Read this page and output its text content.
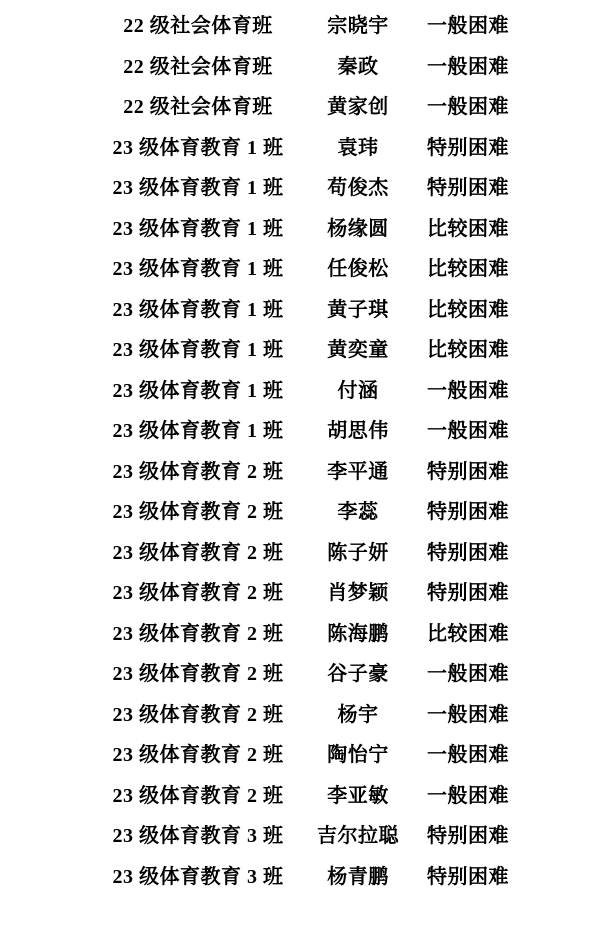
22 级社会体育班	宗晓宇	一般困难
22 级社会体育班	秦政	一般困难
22 级社会体育班	黄家创	一般困难
23 级体育教育 1 班	袁玮	特别困难
23 级体育教育 1 班	苟俊杰	特别困难
23 级体育教育 1 班	杨缘圆	比较困难
23 级体育教育 1 班	任俊松	比较困难
23 级体育教育 1 班	黄子琪	比较困难
23 级体育教育 1 班	黄奕童	比较困难
23 级体育教育 1 班	付涵	一般困难
23 级体育教育 1 班	胡思伟	一般困难
23 级体育教育 2 班	李平通	特别困难
23 级体育教育 2 班	李蕊	特别困难
23 级体育教育 2 班	陈子妍	特别困难
23 级体育教育 2 班	肖梦颖	特别困难
23 级体育教育 2 班	陈海鹏	比较困难
23 级体育教育 2 班	谷子豪	一般困难
23 级体育教育 2 班	杨宇	一般困难
23 级体育教育 2 班	陶怡宁	一般困难
23 级体育教育 2 班	李亚敏	一般困难
23 级体育教育 3 班	吉尔拉聪	特别困难
23 级体育教育 3 班	杨青鹏	特别困难
